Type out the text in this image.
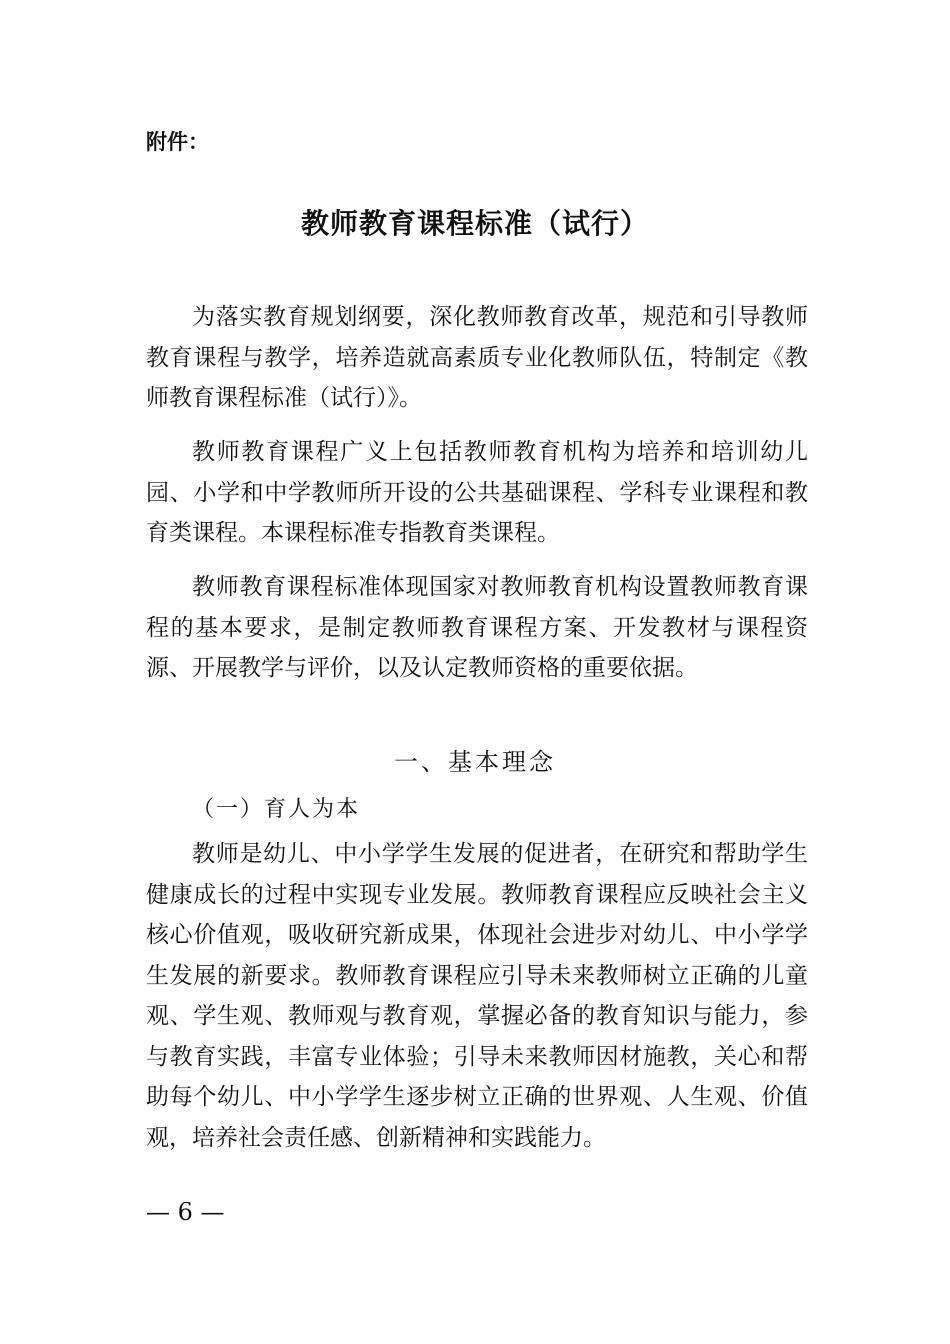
附件：
教师教育课程标准（试行）

为落实教育规划纲要，深化教师教育改革，规范和引导教师教育课程与教学，培养造就高素质专业化教师队伍，特制定《教师教育课程标准（试行）》。

教师教育课程广义上包括教师教育机构为培养和培训幼儿园、小学和中学教师所开设的公共基础课程、学科专业课程和教育类课程。本课程标准专指教育类课程。

教师教育课程标准体现国家对教师教育机构设置教师教育课程的基本要求，是制定教师教育课程方案、开发教材与课程资源、开展教学与评价，以及认定教师资格的重要依据。

一、基本理念
（一）育人为本

教师是幼儿、中小学学生发展的促进者，在研究和帮助学生健康成长的过程中实现专业发展。教师教育课程应反映社会主义核心价值观，吸收研究新成果，体现社会进步对幼儿、中小学学生发展的新要求。教师教育课程应引导未来教师树立正确的儿童观、学生观、教师观与教育观，掌握必备的教育知识与能力，参与教育实践，丰富专业体验；引导未来教师因材施教，关心和帮助每个幼儿、中小学学生逐步树立正确的世界观、人生观、价值观，培养社会责任感、创新精神和实践能力。

— 6 —
